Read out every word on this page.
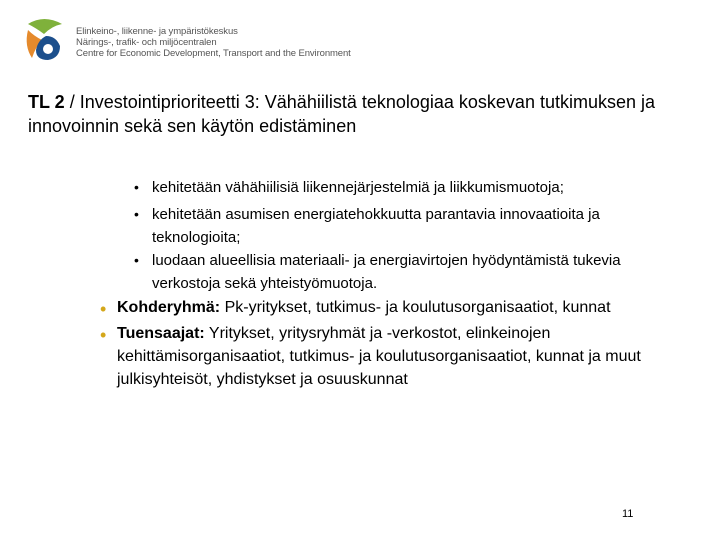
Elinkeino-, liikenne- ja ympäristökeskus
Närings-, trafik- och miljöcentralen
Centre for Economic Development, Transport and the Environment
TL 2 / Investointiprioriteetti 3: Vähähiilistä teknologiaa koskevan tutkimuksen ja innovoinnin sekä sen käytön edistäminen
• kehitetään vähähiilisiä liikennejärjestelmiä ja liikkumismuotoja;
• kehitetään asumisen energiatehokkuutta parantavia innovaatioita ja teknologioita;
• luodaan alueellisia materiaali- ja energiavirtojen hyödyntämistä tukevia verkostoja sekä yhteistyömuotoja.
• Kohderyhmä: Pk-yritykset, tutkimus- ja koulutusorganisaatiot, kunnat
• Tuensaajat: Yritykset, yritysryhmät ja -verkostot, elinkeinojen kehittämisorganisaatiot, tutkimus- ja koulutusorganisaatiot, kunnat ja muut julkisyhteisöt, yhdistykset ja osuuskunnat
11
